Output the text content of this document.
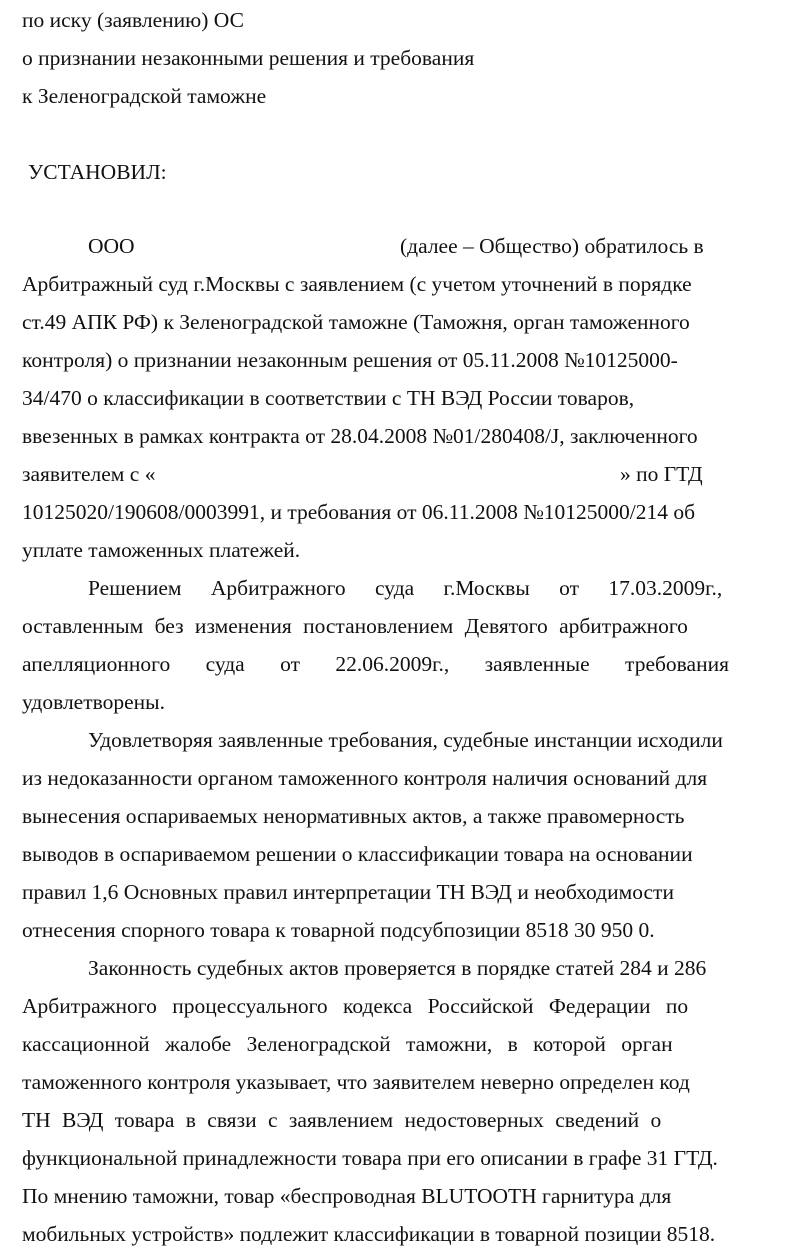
по иску (заявлению) ОС
о признании незаконными решения и требования
к Зеленоградской таможне
УСТАНОВИЛ:
ООО	(далее – Общество) обратилось в
Арбитражный суд г.Москвы с заявлением (с учетом уточнений в порядке
ст.49 АПК РФ) к Зеленоградской таможне (Таможня, орган таможенного
контроля) о признании незаконным решения от 05.11.2008 №10125000-
34/470 о классификации в соответствии с ТН ВЭД России товаров,
ввезенных в рамках контракта от 28.04.2008 №01/280408/J, заключенного
заявителем с «	» по ГТД
10125020/190608/0003991, и требования от 06.11.2008 №10125000/214 об
уплате таможенных платежей.
Решением Арбитражного суда г.Москвы от 17.03.2009г.,
оставленным без изменения постановлением Девятого арбитражного
апелляционного суда от 22.06.2009г., заявленные требования
удовлетворены.
Удовлетворяя заявленные требования, судебные инстанции исходили
из недоказанности органом таможенного контроля наличия оснований для
вынесения оспариваемых ненормативных актов, а также правомерность
выводов в оспариваемом решении о классификации товара на основании
правил 1,6 Основных правил интерпретации ТН ВЭД и необходимости
отнесения спорного товара к товарной подсубпозиции 8518 30 950 0.
Законность судебных актов проверяется в порядке статей 284 и 286
Арбитражного процессуального кодекса Российской Федерации по
кассационной жалобе Зеленоградской таможни, в которой орган
таможенного контроля указывает, что заявителем неверно определен код
ТН ВЭД товара в связи с заявлением недостоверных сведений о
функциональной принадлежности товара при его описании в графе 31 ГТД.
По мнению таможни, товар «беспроводная BLUTOOTH гарнитура для
мобильных устройств» подлежит классификации в товарной позиции 8518.
